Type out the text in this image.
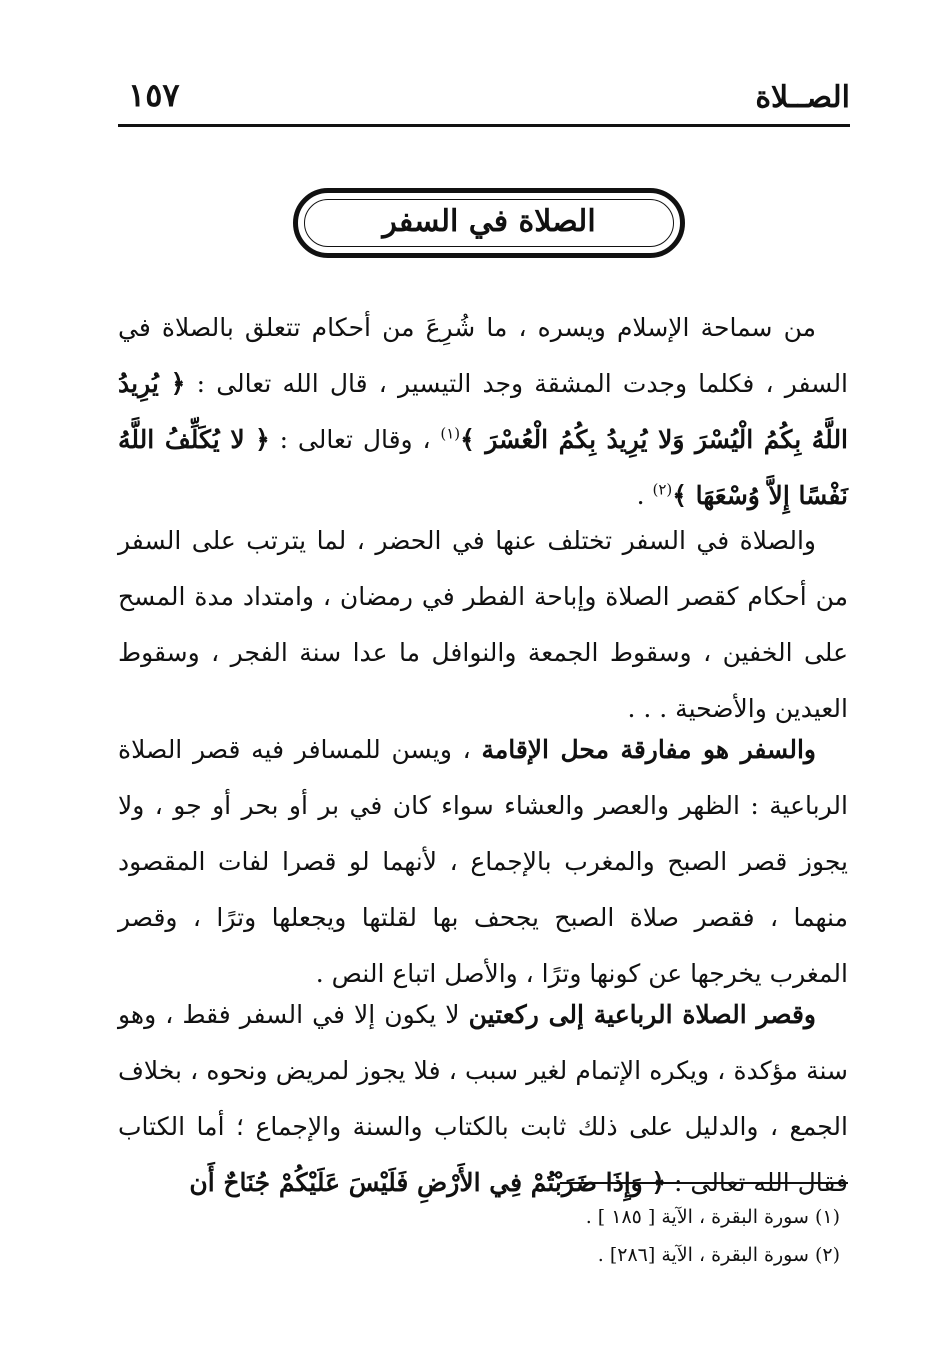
الصــلاة
١٥٧
الصلاة في السفر

من سماحة الإسلام ويسره ، ما شُرِعَ من أحكام تتعلق بالصلاة في السفر ، فكلما وجدت المشقة وجد التيسير ، قال الله تعالى : ﴿ يُرِيدُ اللَّهُ بِكُمُ الْيُسْرَ وَلا يُرِيدُ بِكُمُ الْعُسْرَ ﴾$^{(١)}$ ، وقال تعالى : ﴿ لا يُكَلِّفُ اللَّهُ نَفْسًا إِلاَّ وُسْعَهَا ﴾$^{(٢)}$ .

والصلاة في السفر تختلف عنها في الحضر ، لما يترتب على السفر من أحكام كقصر الصلاة وإباحة الفطر في رمضان ، وامتداد مدة المسح على الخفين ، وسقوط الجمعة والنوافل ما عدا سنة الفجر ، وسقوط العيدين والأضحية . . .

والسفر هو مفارقة محل الإقامة ، ويسن للمسافر فيه قصر الصلاة الرباعية : الظهر والعصر والعشاء سواء كان في بر أو بحر أو جو ، ولا يجوز قصر الصبح والمغرب بالإجماع ، لأنهما لو قصرا لفات المقصود منهما ، فقصر صلاة الصبح يجحف بها لقلتها ويجعلها وترًا ، وقصر المغرب يخرجها عن كونها وترًا ، والأصل اتباع النص .

وقصر الصلاة الرباعية إلى ركعتين لا يكون إلا في السفر فقط ، وهو سنة مؤكدة ، ويكره الإتمام لغير سبب ، فلا يجوز لمريض ونحوه ، بخلاف الجمع ، والدليل على ذلك ثابت بالكتاب والسنة والإجماع ؛ أما الكتاب فقال الله تعالى : ﴿ وَإِذَا ضَرَبْتُمْ فِي الأَرْضِ فَلَيْسَ عَلَيْكُمْ جُنَاحٌ أَن

(١) سورة البقرة ، الآية [ ١٨٥ ] .
(٢) سورة البقرة ، الآية [٢٨٦] .
